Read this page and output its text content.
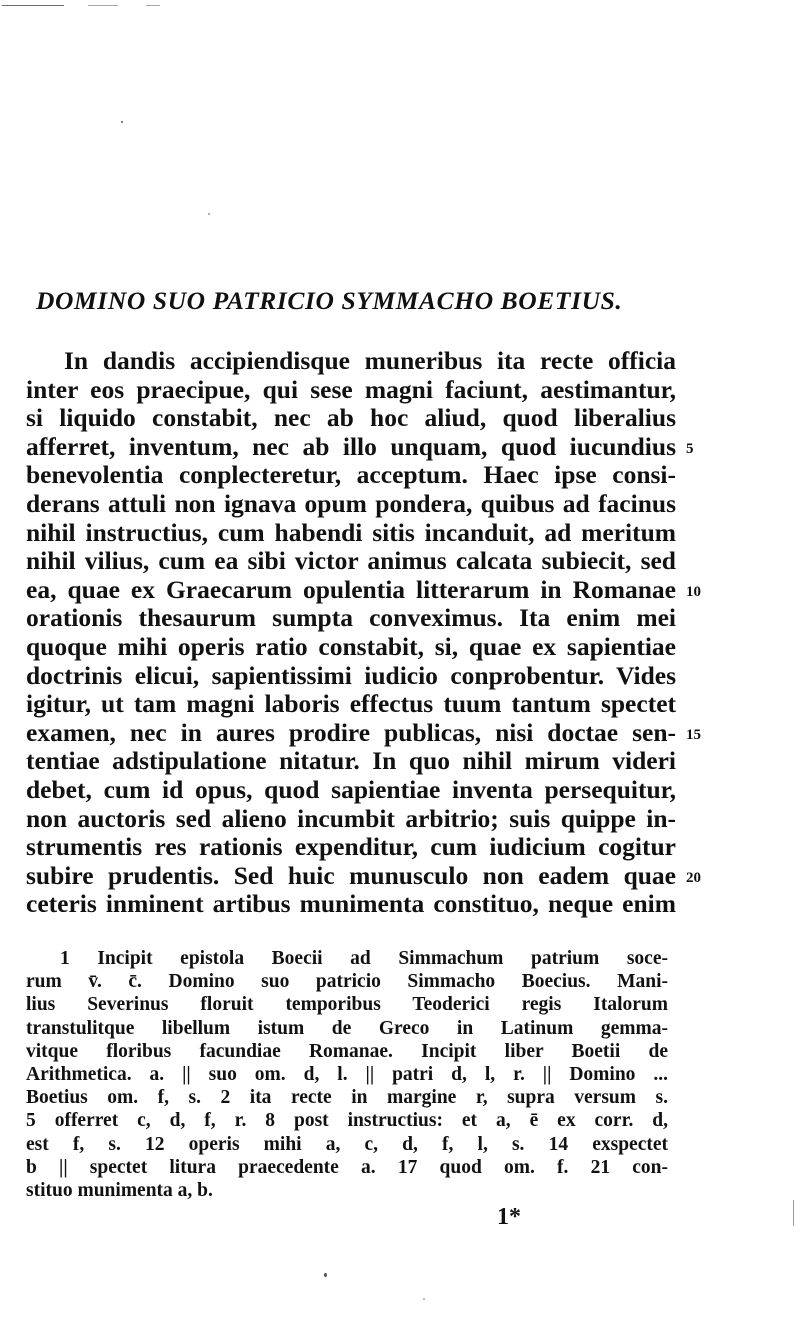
DOMINO SUO PATRICIO SYMMACHO BOETIUS.
In dandis accipiendisque muneribus ita recte officia
inter eos praecipue, qui sese magni faciunt, aestimantur,
si liquido constabit, nec ab hoc aliud, quod liberalius
afferret, inventum, nec ab illo unquam, quod iucundius 5
benevolentia conplecteretur, acceptum. Haec ipse consi-
derans attuli non ignava opum pondera, quibus ad facinus
nihil instructius, cum habendi sitis incanduit, ad meritum
nihil vilius, cum ea sibi victor animus calcata subiecit, sed
ea, quae ex Graecarum opulentia litterarum in Romanae 10
orationis thesaurum sumpta conveximus. Ita enim mei
quoque mihi operis ratio constabit, si, quae ex sapientiae
doctrinis elicui, sapientissimi iudicio conprobentur. Vides
igitur, ut tam magni laboris effectus tuum tantum spectet
examen, nec in aures prodire publicas, nisi doctae sen- 15
tentiae adstipulatione nitatur. In quo nihil mirum videri
debet, cum id opus, quod sapientiae inventa persequitur,
non auctoris sed alieno incumbit arbitrio; suis quippe in-
strumentis res rationis expenditur, cum iudicium cogitur
subire prudentis. Sed huic munusculo non eadem quae 20
ceteris inminent artibus munimenta constituo, neque enim
1 Incipit epistola Boecii ad Simmachum patrium soce-
rum v̄. c̄. Domino suo patricio Simmacho Boecius. Mani-
lius Severinus floruit temporibus Teoderici regis Italorum
transtulitque libellum istum de Greco in Latinum gemma-
vitque floribus facundiae Romanae. Incipit liber Boetii de
Arithmetica. a. || suo om. d, l. || patri d, l, r. || Domino ...
Boetius om. f, s. 2 ita recte in margine r, supra versum s.
5 offerret c, d, f, r. 8 post instructius: et a, ē ex corr. d,
est f, s. 12 operis mihi a, c, d, f, l, s. 14 exspectet
b || spectet litura praecedente a. 17 quod om. f. 21 con-
stituo munimenta a, b.
1*
